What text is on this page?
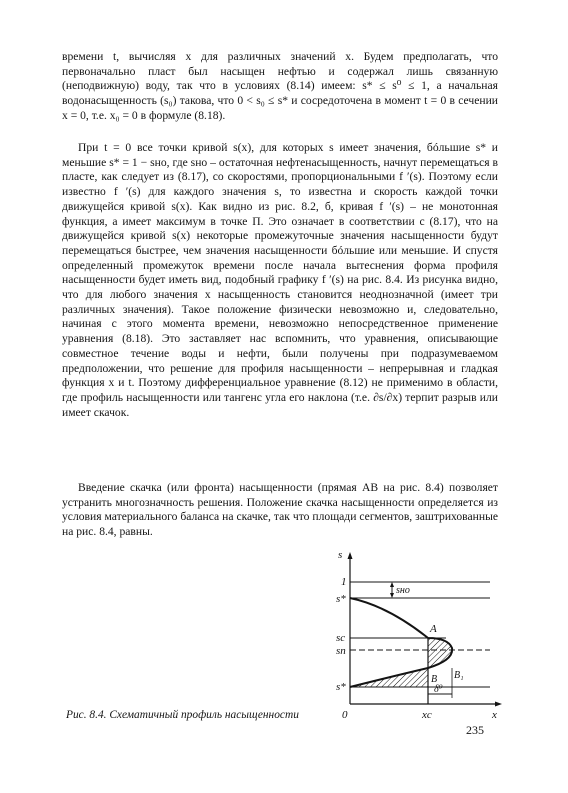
времени t, вычисляя x для различных значений x. Будем предполагать, что первоначально пласт был насыщен нефтью и содержал лишь связанную (неподвижную) воду, так что в условиях (8.14) имеем: s* ≤ s⁰ ≤ 1, а начальная водонасыщенность (s₀) такова, что 0 < s₀ ≤ s* и сосредоточена в момент t = 0 в сечении x = 0, т.е. x₀ = 0 в формуле (8.18).

При t = 0 все точки кривой s(x), для которых s имеет значения, бóльшие s* и меньшие s* = 1 − sно, где sно – остаточная нефтенасыщенность, начнут перемещаться в пласте, как следует из (8.17), со скоростями, пропорциональными f ′(s). Поэтому если известно f ′(s) для каждого значения s, то известна и скорость каждой точки движущейся кривой s(x). Как видно из рис. 8.2, б, кривая f ′(s) – не монотонная функция, а имеет максимум в точке П. Это означает в соответствии с (8.17), что на движущейся кривой s(x) некоторые промежуточные значения насыщенности будут перемещаться быстрее, чем значения насыщенности бóльшие или меньшие. И спустя определенный промежуток времени после начала вытеснения форма профиля насыщенности будет иметь вид, подобный графику f ′(s) на рис. 8.4. Из рисунка видно, что для любого значения x насыщенность становится неоднозначной (имеет три различных значения). Такое положение физически невозможно и, следовательно, начиная с этого момента времени, невозможно непосредственное применение уравнения (8.18). Это заставляет нас вспомнить, что уравнения, описывающие совместное течение воды и нефти, были получены при подразумеваемом предположении, что решение для профиля насыщенности – непрерывная и гладкая функция x и t. Поэтому дифференциальное уравнение (8.12) не применимо в области, где профиль насыщенности или тангенс угла его наклона (т.е. ∂s/∂x) терпит разрыв или имеет скачок.

Введение скачка (или фронта) насыщенности (прямая AB на рис. 8.4) позволяет устранить многозначность решения. Положение скачка насыщенности определяется из условия материального баланса на скачке, так что площади сегментов, заштрихованные на рис. 8.4, равны.

s
1
s*
sно
sс
sп
s*
0	xс	x
A
B B₁
δ⁰
Рис. 8.4. Схематичный профиль насыщенности
235
